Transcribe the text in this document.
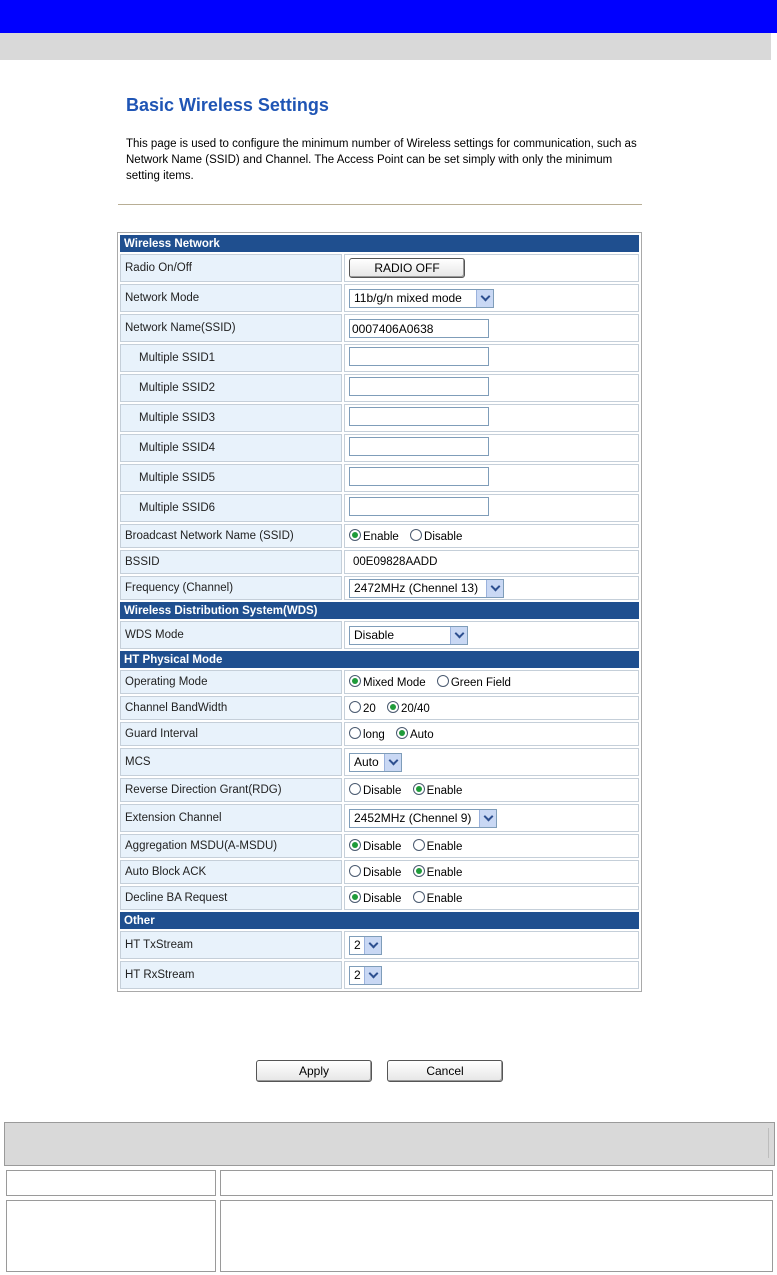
Basic Wireless Settings
This page is used to configure the minimum number of Wireless settings for communication, such as Network Name (SSID) and Channel. The Access Point can be set simply with only the minimum setting items.
Wireless Network	
Radio On/Off	RADIO OFF
Network Mode	11b/g/n mixed mode

Network Name(SSID)	0007406A0638
Multiple SSID1	
Multiple SSID2	
Multiple SSID3	
Multiple SSID4	
Multiple SSID5	
Multiple SSID6	
Broadcast Network Name (SSID)	Enable Disable
BSSID	00E09828AADD
Frequency (Channel)	2472MHz (Chennel 13)

Wireless Distribution System(WDS)	
WDS Mode	Disable

HT Physical Mode	
Operating Mode	Mixed Mode Green Field
Channel BandWidth	20 20/40
Guard Interval	long Auto
MCS	Auto

Reverse Direction Grant(RDG)	Disable Enable
Extension Channel	2452MHz (Chennel 9)

Aggregation MSDU(A-MSDU)	Disable Enable
Auto Block ACK	Disable Enable
Decline BA Request	Disable Enable
Other	
HT TxStream	2

HT RxStream	2
Apply	Cancel
